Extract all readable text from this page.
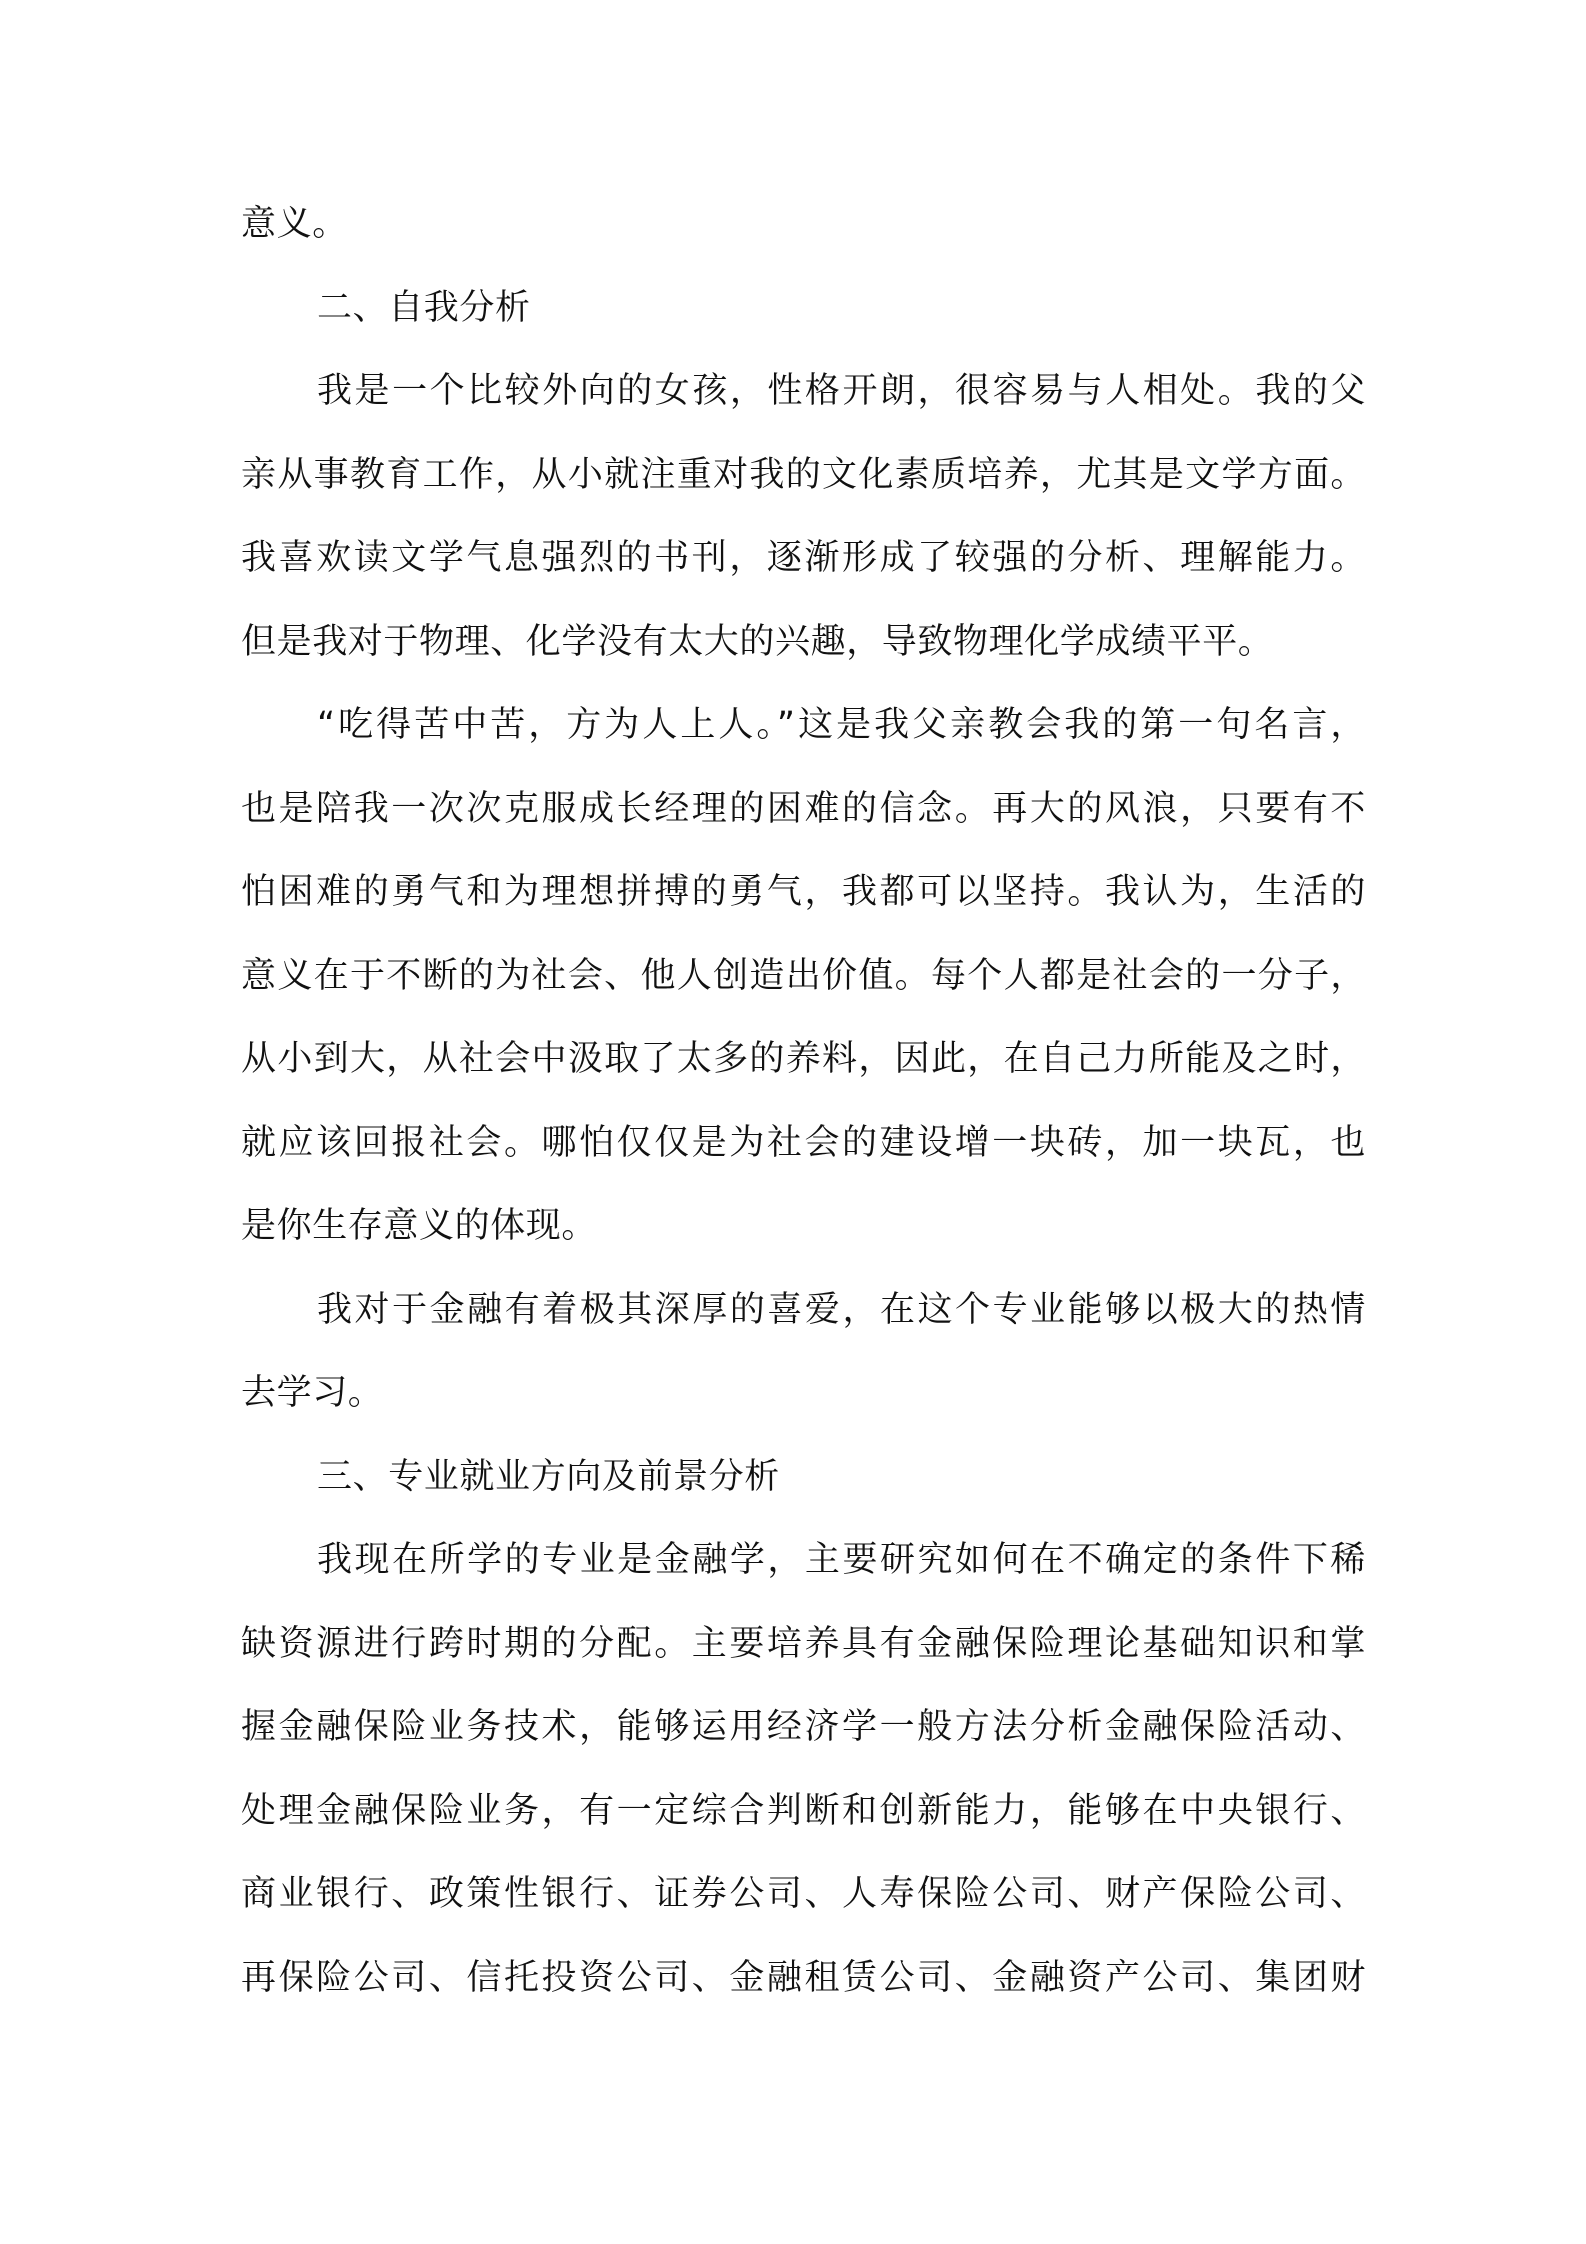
意义。
二、自我分析
我是一个比较外向的女孩，性格开朗，很容易与人相处。我的父
亲从事教育工作，从小就注重对我的文化素质培养，尤其是文学方面。
我喜欢读文学气息强烈的书刊，逐渐形成了较强的分析、理解能力。
但是我对于物理、化学没有太大的兴趣，导致物理化学成绩平平。
“吃得苦中苦，方为人上人。”这是我父亲教会我的第一句名言，
也是陪我一次次克服成长经理的困难的信念。再大的风浪，只要有不
怕困难的勇气和为理想拼搏的勇气，我都可以坚持。我认为，生活的
意义在于不断的为社会、他人创造出价值。每个人都是社会的一分子，
从小到大，从社会中汲取了太多的养料，因此，在自己力所能及之时，
就应该回报社会。哪怕仅仅是为社会的建设增一块砖，加一块瓦，也
是你生存意义的体现。
我对于金融有着极其深厚的喜爱，在这个专业能够以极大的热情
去学习。
三、专业就业方向及前景分析
我现在所学的专业是金融学，主要研究如何在不确定的条件下稀
缺资源进行跨时期的分配。主要培养具有金融保险理论基础知识和掌
握金融保险业务技术，能够运用经济学一般方法分析金融保险活动、
处理金融保险业务，有一定综合判断和创新能力，能够在中央银行、
商业银行、政策性银行、证券公司、人寿保险公司、财产保险公司、
再保险公司、信托投资公司、金融租赁公司、金融资产公司、集团财
